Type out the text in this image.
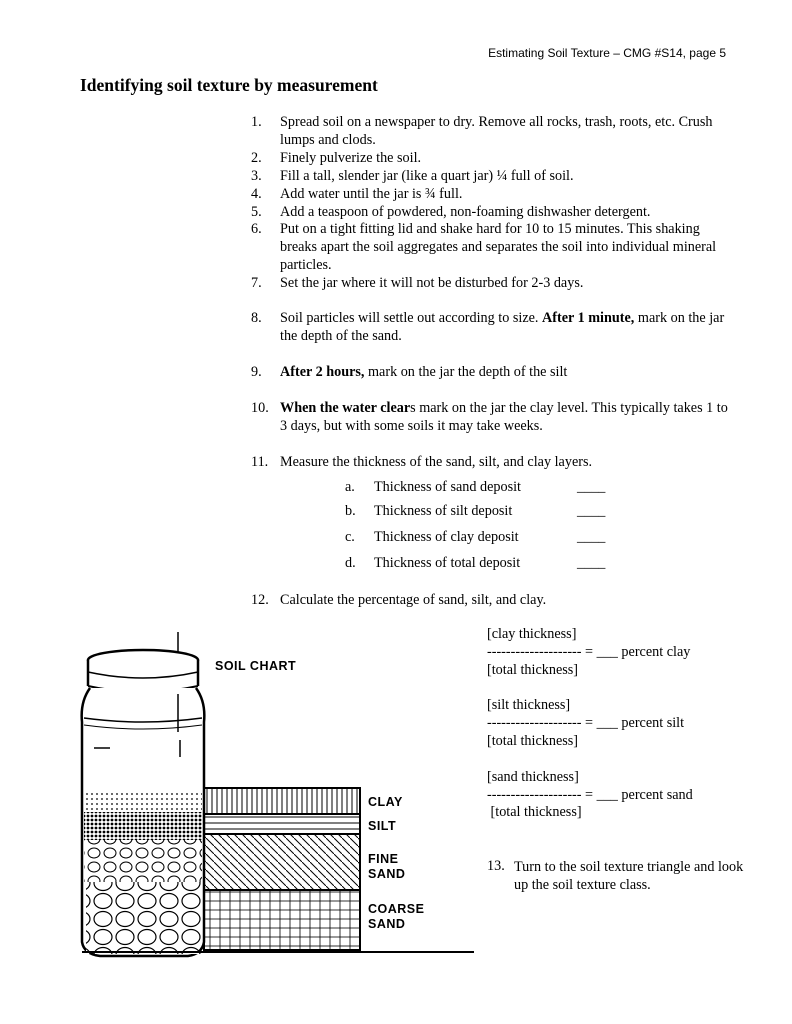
Estimating Soil Texture – CMG #S14, page 5
Identifying soil texture by measurement
1. Spread soil on a newspaper to dry. Remove all rocks, trash, roots, etc. Crush lumps and clods.
2. Finely pulverize the soil.
3. Fill a tall, slender jar (like a quart jar) ¼ full of soil.
4. Add water until the jar is ¾ full.
5. Add a teaspoon of powdered, non-foaming dishwasher detergent.
6. Put on a tight fitting lid and shake hard for 10 to 15 minutes. This shaking breaks apart the soil aggregates and separates the soil into individual mineral particles.
7. Set the jar where it will not be disturbed for 2-3 days.
8. Soil particles will settle out according to size. After 1 minute, mark on the jar the depth of the sand.
9. After 2 hours, mark on the jar the depth of the silt
10. When the water clears mark on the jar the clay level. This typically takes 1 to 3 days, but with some soils it may take weeks.
11. Measure the thickness of the sand, silt, and clay layers.
a. Thickness of sand deposit	____
b. Thickness of silt deposit	____
c. Thickness of clay deposit	____
d. Thickness of total deposit	____
12. Calculate the percentage of sand, silt, and clay.
[clay thickness]
-------------------- = ___ percent clay
[total thickness]
[silt thickness]
-------------------- = ___ percent silt
[total thickness]
[sand thickness]
-------------------- = ___ percent sand
[total thickness]
13. Turn to the soil texture triangle and look up the soil texture class.
SOIL CHART
CLAY
SILT
FINE
SAND
COARSE
SAND
